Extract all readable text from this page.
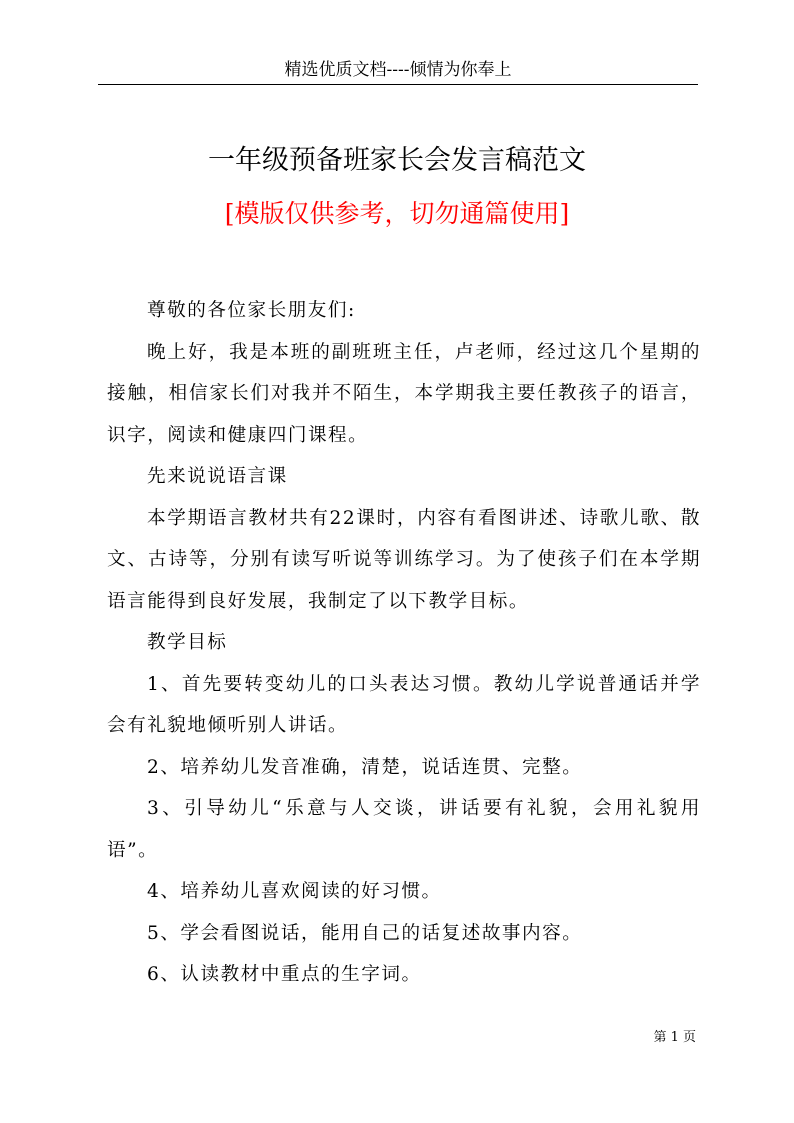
精选优质文档----倾情为你奉上
一年级预备班家长会发言稿范文
[模版仅供参考，切勿通篇使用]

尊敬的各位家长朋友们:

晚上好，我是本班的副班班主任，卢老师，经过这几个星期的接触，相信家长们对我并不陌生，本学期我主要任教孩子的语言，识字，阅读和健康四门课程。

先来说说语言课

本学期语言教材共有22课时，内容有看图讲述、诗歌儿歌、散文、古诗等，分别有读写听说等训练学习。为了使孩子们在本学期语言能得到良好发展，我制定了以下教学目标。

教学目标

1、首先要转变幼儿的口头表达习惯。教幼儿学说普通话并学会有礼貌地倾听别人讲话。

2、培养幼儿发音准确，清楚，说话连贯、完整。

3、引导幼儿“乐意与人交谈，讲话要有礼貌，会用礼貌用语”。

4、培养幼儿喜欢阅读的好习惯。

5、学会看图说话，能用自己的话复述故事内容。

6、认读教材中重点的生字词。

第 1 页
